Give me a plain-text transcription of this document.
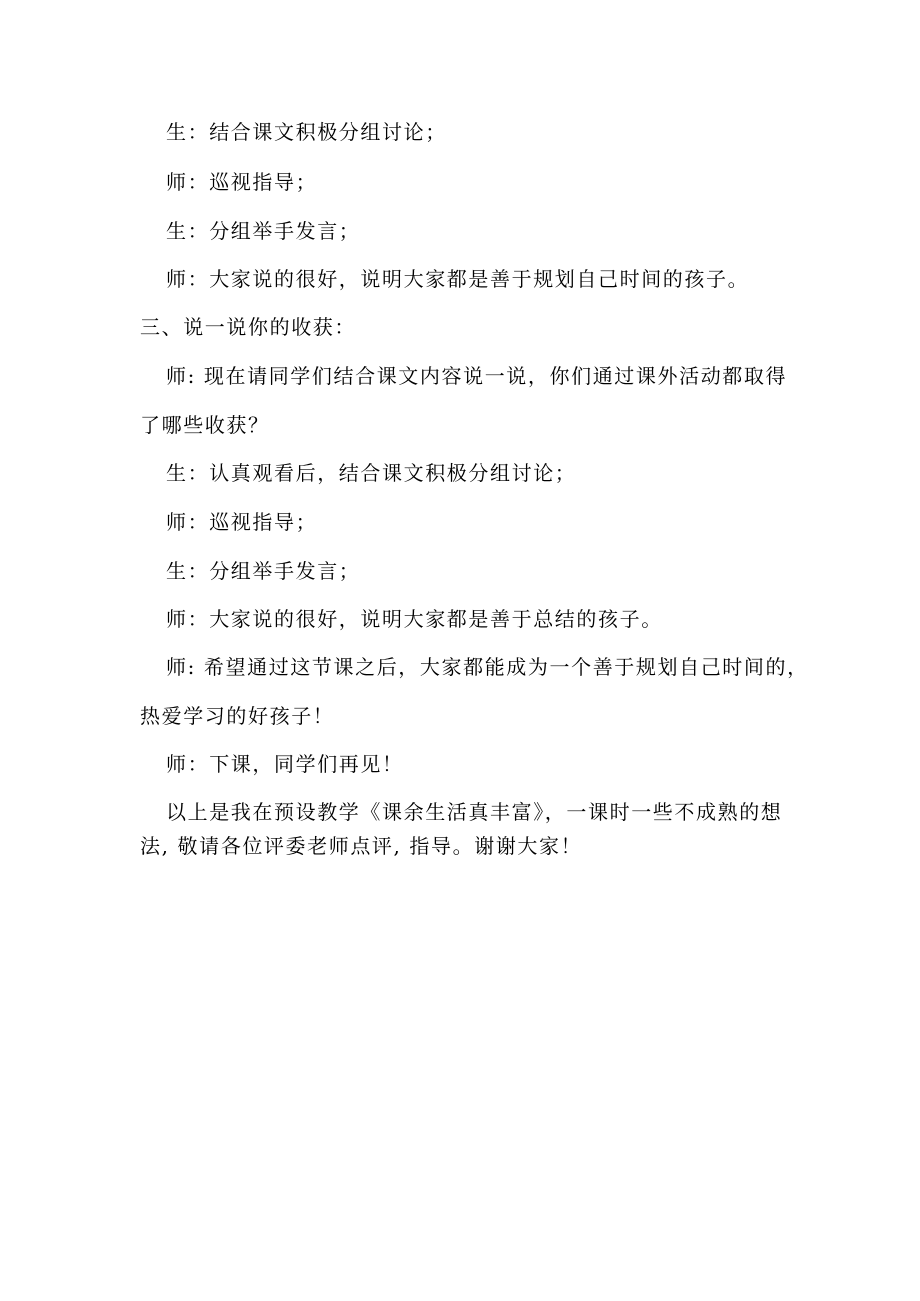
生：结合课文积极分组讨论；
师：巡视指导；
生：分组举手发言；
师：大家说的很好，说明大家都是善于规划自己时间的孩子。
三、说一说你的收获：
师: 现在请同学们结合课文内容说一说，你们通过课外活动都取得
了哪些收获？
生：认真观看后，结合课文积极分组讨论；
师：巡视指导；
生：分组举手发言；
师：大家说的很好，说明大家都是善于总结的孩子。
师: 希望通过这节课之后，大家都能成为一个善于规划自己时间的，
热爱学习的好孩子！
师：下课，同学们再见！
以上是我在预设教学《课余生活真丰富》，一课时一些不成熟的想
法, 敬请各位评委老师点评, 指导。谢谢大家！
